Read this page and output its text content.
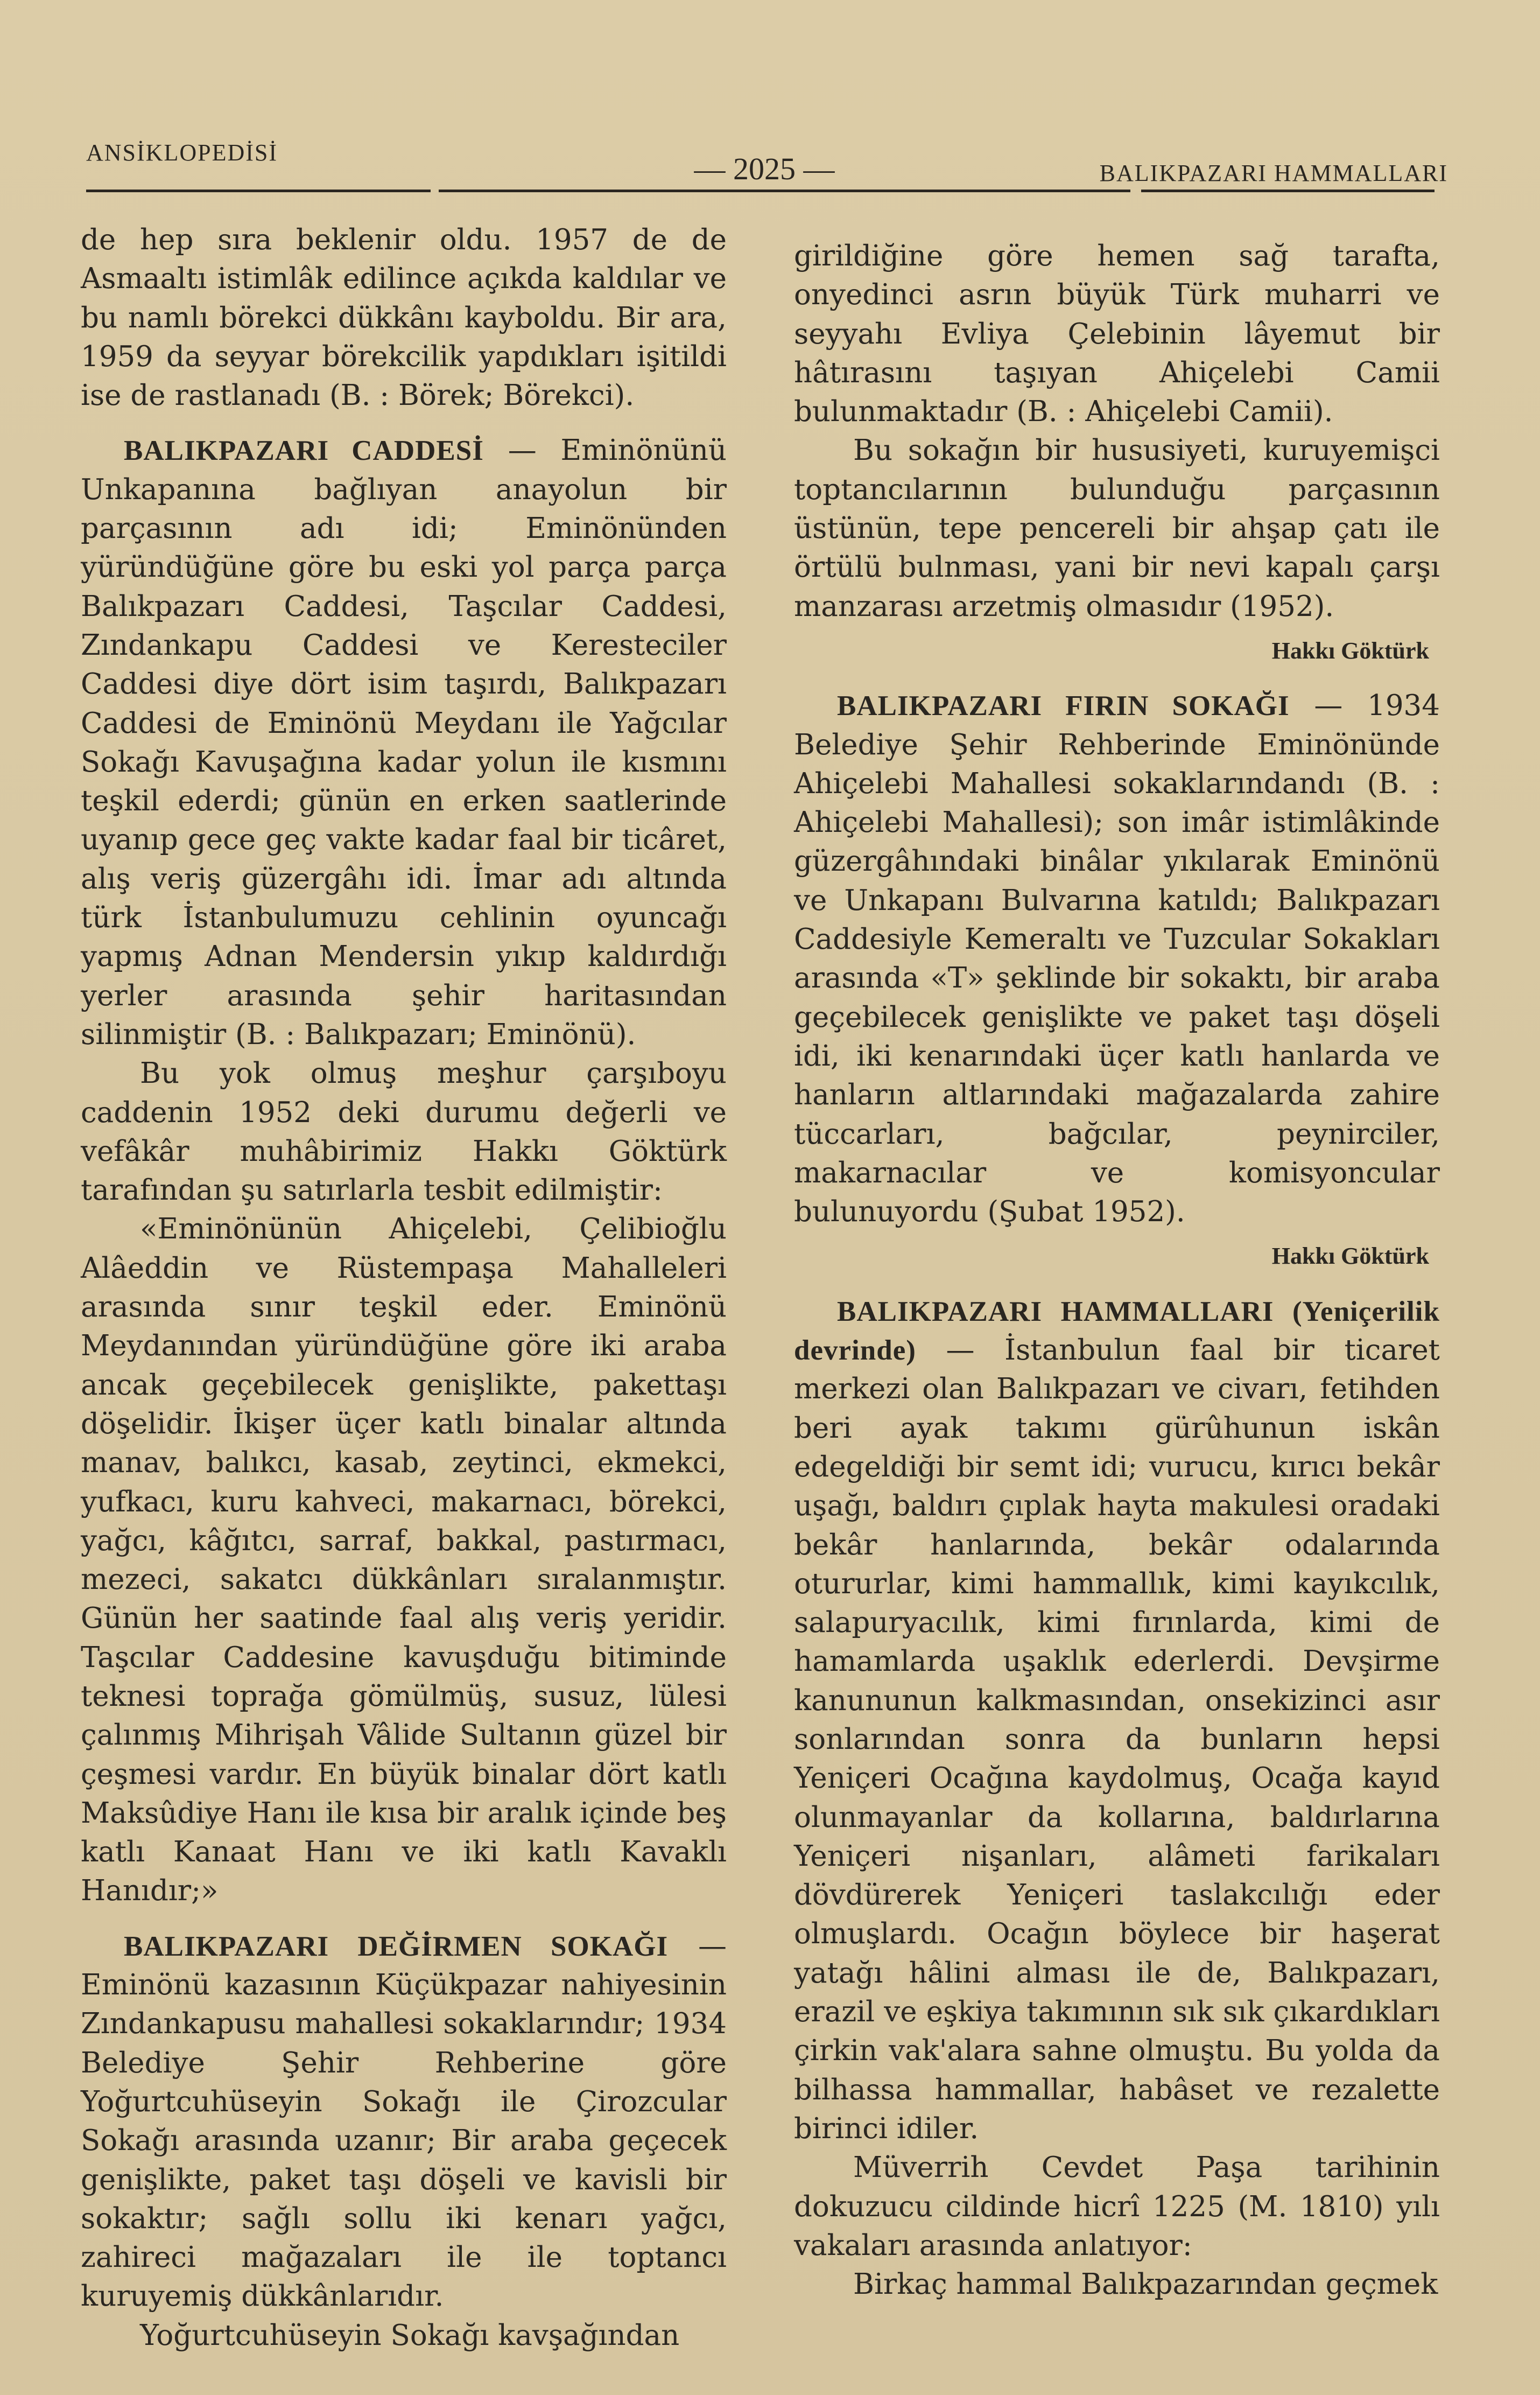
ANSİKLOPEDİSİ	— 2025 —	BALIKPAZARI HAMMALLARI

de hep sıra beklenir oldu. 1957 de de Asmaaltı istimlâk edilince açıkda kaldılar ve bu namlı börekci dükkânı kayboldu. Bir ara, 1959 da seyyar börekcilik yapdıkları işitildi ise de rastlanadı (B. : Börek; Börekci).

BALIKPAZARI CADDESİ — Eminönünü Unkapanına bağlıyan anayolun bir parçasının adı idi; Eminönünden yüründüğüne göre bu eski yol parça parça Balıkpazarı Caddesi, Taşcılar Caddesi, Zındankapu Caddesi ve Keresteciler Caddesi diye dört isim taşırdı, Balıkpazarı Caddesi de Eminönü Meydanı ile Yağcılar Sokağı Kavuşağına kadar yolun ile kısmını teşkil ederdi; günün en erken saatlerinde uyanıp gece geç vakte kadar faal bir ticâret, alış veriş güzergâhı idi. İmar adı altında türk İstanbulumuzu cehlinin oyuncağı yapmış Adnan Mendersin yıkıp kaldırdığı yerler arasında şehir haritasından silinmiştir (B. : Balıkpazarı; Eminönü).

Bu yok olmuş meşhur çarşıboyu caddenin 1952 deki durumu değerli ve vefâkâr muhâbirimiz Hakkı Göktürk tarafından şu satırlarla tesbit edilmiştir:

«Eminönünün Ahiçelebi, Çelibioğlu Alâeddin ve Rüstempaşa Mahalleleri arasında sınır teşkil eder. Eminönü Meydanından yüründüğüne göre iki araba ancak geçebilecek genişlikte, pakettaşı döşelidir. İkişer üçer katlı binalar altında manav, balıkcı, kasab, zeytinci, ekmekci, yufkacı, kuru kahveci, makarnacı, börekci, yağcı, kâğıtcı, sarraf, bakkal, pastırmacı, mezeci, sakatcı dükkânları sıralanmıştır. Günün her saatinde faal alış veriş yeridir. Taşcılar Caddesine kavuşduğu bitiminde teknesi toprağa gömülmüş, susuz, lülesi çalınmış Mihrişah Vâlide Sultanın güzel bir çeşmesi vardır. En büyük binalar dört katlı Maksûdiye Hanı ile kısa bir aralık içinde beş katlı Kanaat Hanı ve iki katlı Kavaklı Hanıdır;»

BALIKPAZARI DEĞİRMEN SOKAĞI — Eminönü kazasının Küçükpazar nahiyesinin Zındankapusu mahallesi sokaklarındır; 1934 Belediye Şehir Rehberine göre Yoğurtcuhüseyin Sokağı ile Çirozcular Sokağı arasında uzanır; Bir araba geçecek genişlikte, paket taşı döşeli ve kavisli bir sokaktır; sağlı sollu iki kenarı yağcı, zahireci mağazaları ile ile toptancı kuruyemiş dükkânlarıdır.

Yoğurtcuhüseyin Sokağı kavşağından

girildiğine göre hemen sağ tarafta, onyedinci asrın büyük Türk muharri ve seyyahı Evliya Çelebinin lâyemut bir hâtırasını taşıyan Ahiçelebi Camii bulunmaktadır (B. : Ahiçelebi Camii).

Bu sokağın bir hususiyeti, kuruyemişci toptancılarının bulunduğu parçasının üstünün, tepe pencereli bir ahşap çatı ile örtülü bulnması, yani bir nevi kapalı çarşı manzarası arzetmiş olmasıdır (1952).

Hakkı Göktürk

BALIKPAZARI FIRIN SOKAĞI — 1934 Belediye Şehir Rehberinde Eminönünde Ahiçelebi Mahallesi sokaklarındandı (B. : Ahiçelebi Mahallesi); son imâr istimlâkinde güzergâhındaki binâlar yıkılarak Eminönü ve Unkapanı Bulvarına katıldı; Balıkpazarı Caddesiyle Kemeraltı ve Tuzcular Sokakları arasında «T» şeklinde bir sokaktı, bir araba geçebilecek genişlikte ve paket taşı döşeli idi, iki kenarındaki üçer katlı hanlarda ve hanların altlarındaki mağazalarda zahire tüccarları, bağcılar, peynirciler, makarnacılar ve komisyoncular bulunuyordu (Şubat 1952).

Hakkı Göktürk

BALIKPAZARI HAMMALLARI (Yeniçerilik devrinde) — İstanbulun faal bir ticaret merkezi olan Balıkpazarı ve civarı, fetihden beri ayak takımı gürûhunun iskân edegeldiği bir semt idi; vurucu, kırıcı bekâr uşağı, baldırı çıplak hayta makulesi oradaki bekâr hanlarında, bekâr odalarında otururlar, kimi hammallık, kimi kayıkcılık, salapuryacılık, kimi fırınlarda, kimi de hamamlarda uşaklık ederlerdi. Devşirme kanununun kalkmasından, onsekizinci asır sonlarından sonra da bunların hepsi Yeniçeri Ocağına kaydolmuş, Ocağa kayıd olunmayanlar da kollarına, baldırlarına Yeniçeri nişanları, alâmeti farikaları dövdürerek Yeniçeri taslakcılığı eder olmuşlardı. Ocağın böylece bir haşerat yatağı hâlini alması ile de, Balıkpazarı, erazil ve eşkiya takımının sık sık çıkardıkları çirkin vak'alara sahne olmuştu. Bu yolda da bilhassa hammallar, habâset ve rezalette birinci idiler.

Müverrih Cevdet Paşa tarihinin dokuzucu cildinde hicrî 1225 (M. 1810) yılı vakaları arasında anlatıyor:

Birkaç hammal Balıkpazarından geçmek
